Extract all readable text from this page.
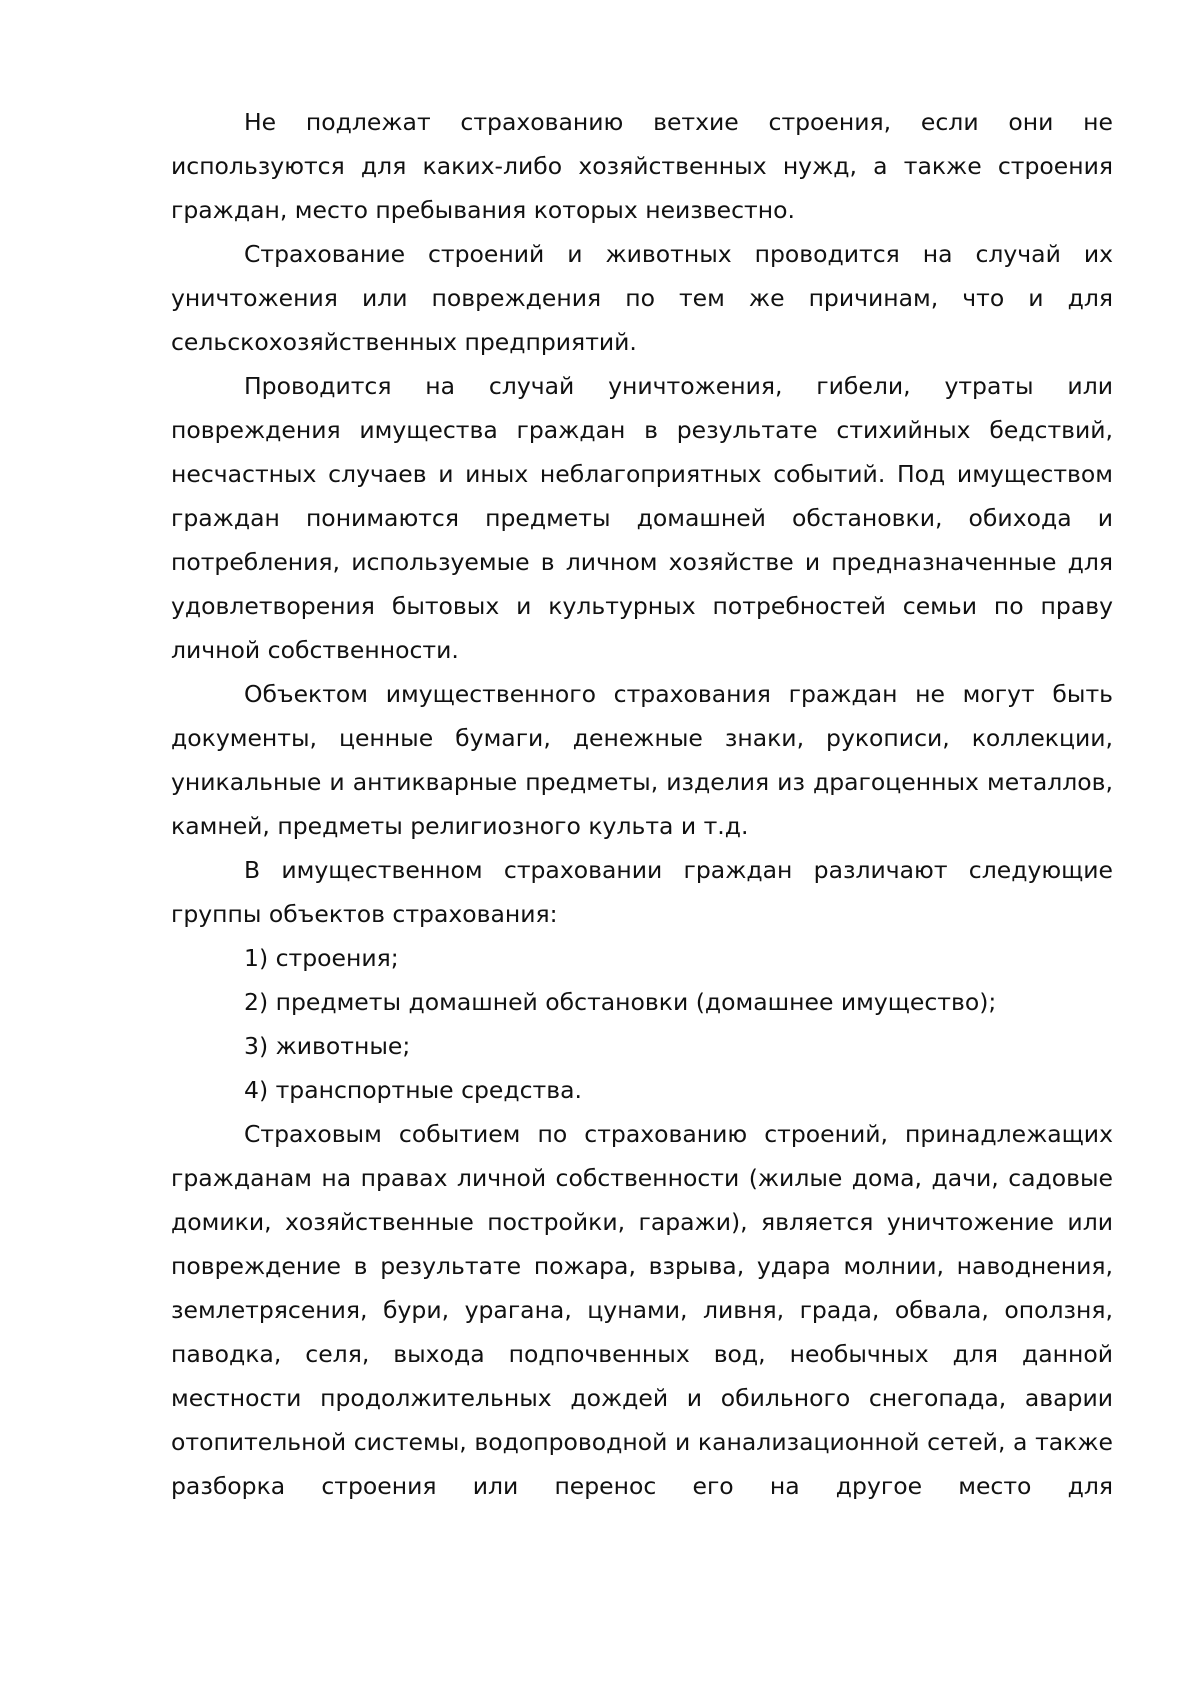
Не подлежат страхованию ветхие строения, если они не используются для каких-либо хозяйственных нужд, а также строения граждан, место пребывания которых неизвестно.

Страхование строений и животных проводится на случай их уничтожения или повреждения по тем же причинам, что и для сельскохозяйственных предприятий.

Проводится на случай уничтожения, гибели, утраты или повреждения имущества граждан в результате стихийных бедствий, несчастных случаев и иных неблагоприятных событий. Под имуществом граждан понимаются предметы домашней обстановки, обихода и потребления, используемые в личном хозяйстве и предназначенные для удовлетворения бытовых и культурных потребностей семьи по праву личной собственности.

Объектом имущественного страхования граждан не могут быть документы, ценные бумаги, денежные знаки, рукописи, коллекции, уникальные и антикварные предметы, изделия из драгоценных металлов, камней, предметы религиозного культа и т.д.

В имущественном страховании граждан различают следующие группы объектов страхования:

1) строения;

2) предметы домашней обстановки (домашнее имущество);

3) животные;

4) транспортные средства.

Страховым событием по страхованию строений, принадлежащих гражданам на правах личной собственности (жилые дома, дачи, садовые домики, хозяйственные постройки, гаражи), является уничтожение или повреждение в результате пожара, взрыва, удара молнии, наводнения, землетрясения, бури, урагана, цунами, ливня, града, обвала, оползня, паводка, селя, выхода подпочвенных вод, необычных для данной местности продолжительных дождей и обильного снегопада, аварии отопительной системы, водопроводной и канализационной сетей, а также разборка строения или перенос его на другое место для
